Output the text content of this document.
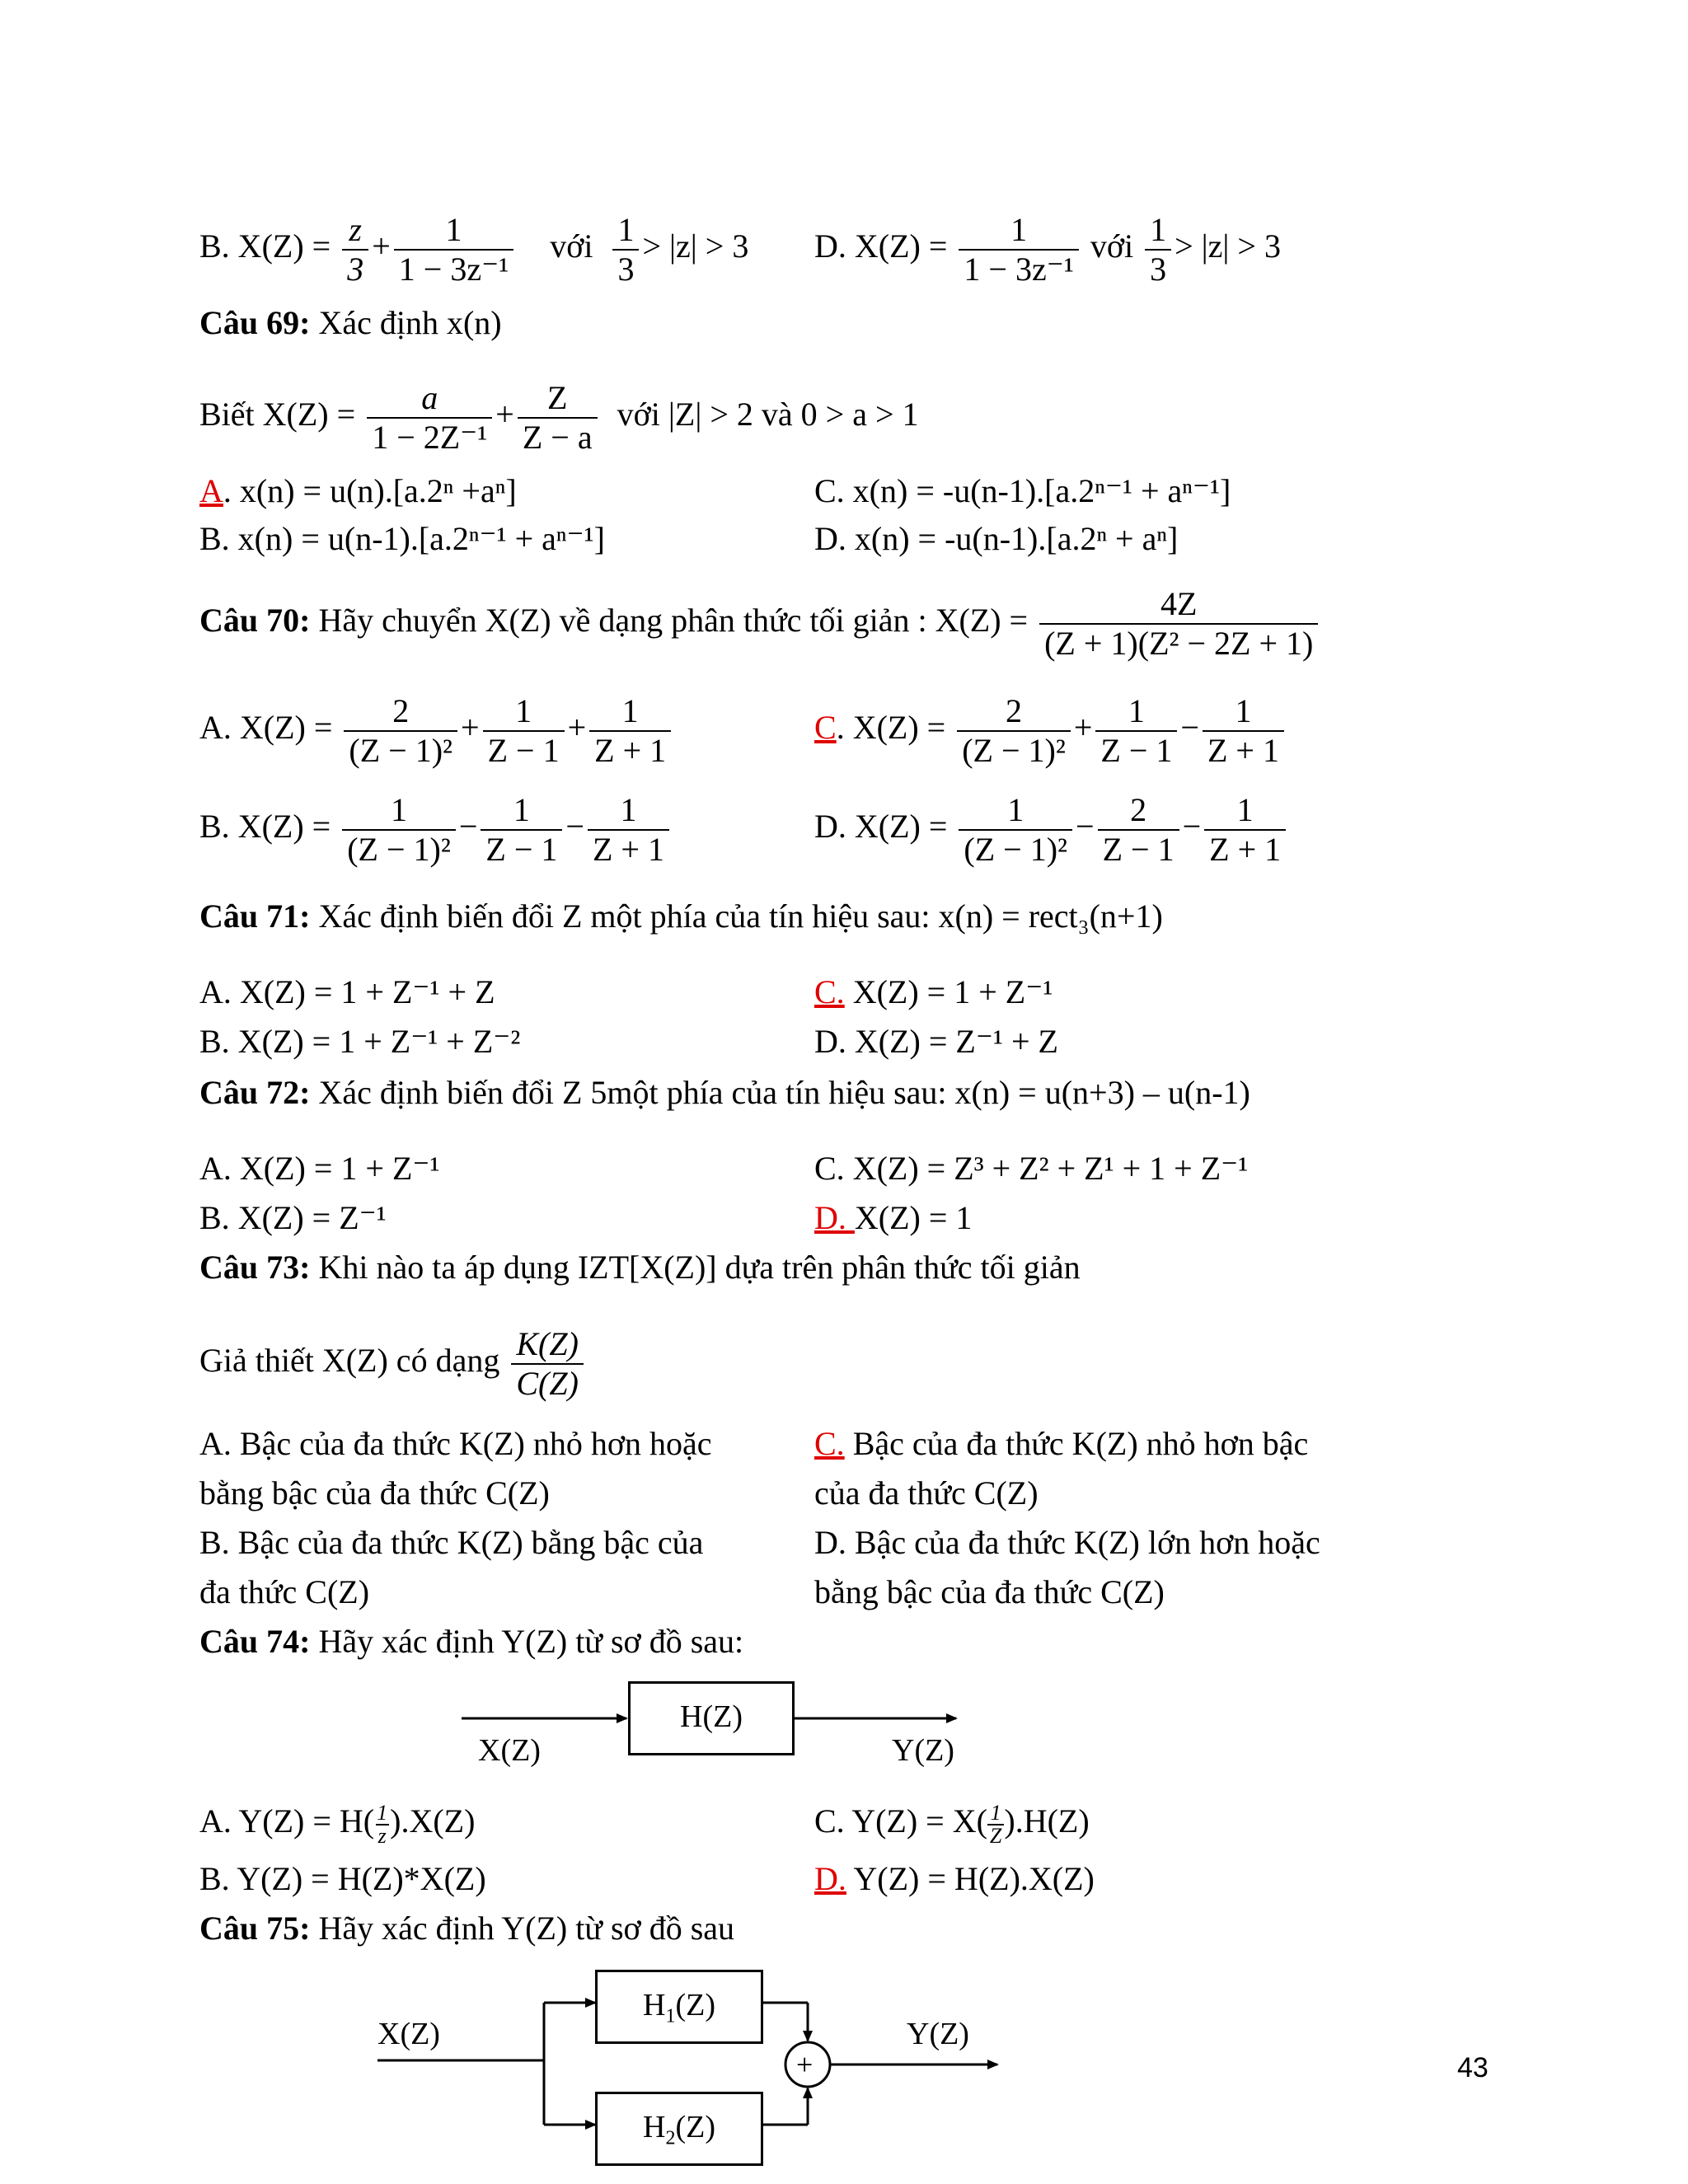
B. $X(Z) = \frac{z}{3} + \frac{1}{\text{1 − 3z⁻¹}}$ với $\frac{1}{3} > |z| > 3$ D. $X(Z) = \frac{1}{\text{1 − 3z⁻¹}}$ với $\frac{1}{3} > |z| > 3$
Câu 69: Xác định x(n)
Biết $X(Z) = \frac{a}{\text{1 − 2Z⁻¹}} + \frac{Z}{Z - a}$ với |Z| > 2 và 0 > a > 1
A. x(n) = u(n).[a.2ⁿ +aⁿ]	C. x(n) = -u(n-1).[a.2ⁿ⁻¹ + aⁿ⁻¹]
B. x(n) = u(n-1).[a.2ⁿ⁻¹ + aⁿ⁻¹]	D. x(n) = -u(n-1).[a.2ⁿ + aⁿ]
Câu 70: Hãy chuyển X(Z) về dạng phân thức tối giản : $X(Z) = \frac{4Z}{\text{(Z + 1)(Z² − 2Z + 1)}}$
A. $X(Z) = \frac{2}{\text{(Z − 1)²}} + \frac{1}{Z - 1} + \frac{1}{Z + 1}$	C. $X(Z) = \frac{2}{\text{(Z − 1)²}} + \frac{1}{Z - 1} - \frac{1}{Z + 1}$
B. $X(Z) = \frac{1}{\text{(Z − 1)²}} - \frac{1}{Z - 1} - \frac{1}{Z + 1}$	D. $X(Z) = \frac{1}{\text{(Z − 1)²}} - \frac{2}{Z - 1} - \frac{1}{Z + 1}$
Câu 71: Xác định biến đổi Z một phía của tín hiệu sau: x(n) = rect₃(n+1)
A. X(Z) = 1 + Z⁻¹ + Z	C. X(Z) = 1 + Z⁻¹
B. X(Z) = 1 + Z⁻¹ + Z⁻²	D. X(Z) = Z⁻¹ + Z
Câu 72: Xác định biến đổi Z 5một phía của tín hiệu sau: x(n) = u(n+3) – u(n-1)
A. X(Z) = 1 + Z⁻¹	C. X(Z) = Z³ + Z² + Z¹ + 1 + Z⁻¹
B. X(Z) = Z⁻¹	D. X(Z) = 1
Câu 73: Khi nào ta áp dụng IZT[X(Z)] dựa trên phân thức tối giản
Giả thiết X(Z) có dạng $\frac{K(Z)}{C(Z)}$
A. Bậc của đa thức K(Z) nhỏ hơn hoặc
bằng bậc của đa thức C(Z)
C. Bậc của đa thức K(Z) nhỏ hơn bậc
của đa thức C(Z)
B. Bậc của đa thức K(Z) bằng bậc của
đa thức C(Z)
D. Bậc của đa thức K(Z) lớn hơn hoặc
bằng bậc của đa thức C(Z)
Câu 74: Hãy xác định Y(Z) từ sơ đồ sau:
H(Z)
X(Z)	Y(Z)
A. $Y(Z) = H( \frac{1}{z} ).X(Z)$	C. $Y(Z) = X( \frac{1}{Z} ).H(Z)$
B. Y(Z) = H(Z)*X(Z)	D. Y(Z) = H(Z).X(Z)
Câu 75: Hãy xác định Y(Z) từ sơ đồ sau
$H_1(Z)$
$H_2(Z)$
+
X(Z)	Y(Z)
43
